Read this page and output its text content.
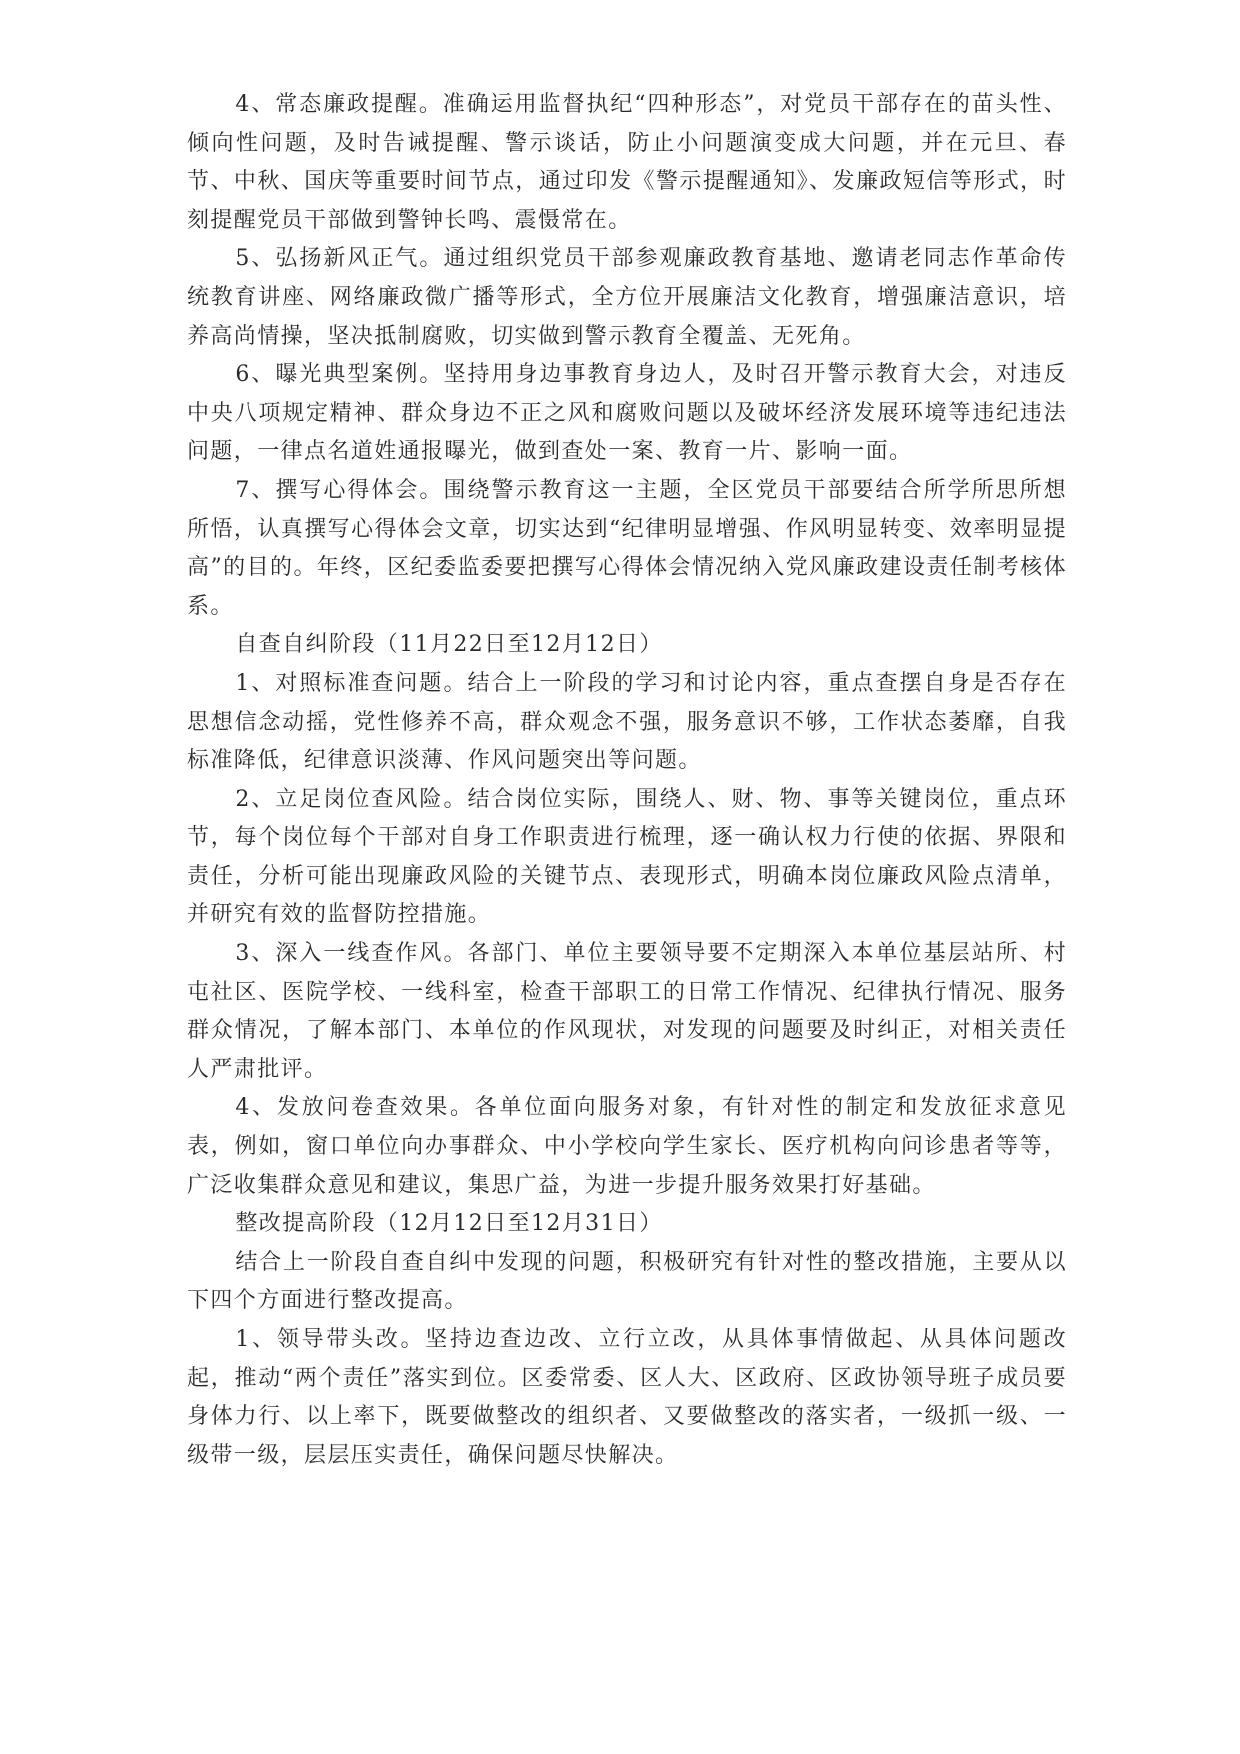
4、常态廉政提醒。准确运用监督执纪“四种形态”，对党员干部存在的苗头性、倾向性问题，及时告诫提醒、警示谈话，防止小问题演变成大问题，并在元旦、春节、中秋、国庆等重要时间节点，通过印发《警示提醒通知》、发廉政短信等形式，时刻提醒党员干部做到警钟长鸣、震慑常在。

5、弘扬新风正气。通过组织党员干部参观廉政教育基地、邀请老同志作革命传统教育讲座、网络廉政微广播等形式，全方位开展廉洁文化教育，增强廉洁意识，培养高尚情操，坚决抵制腐败，切实做到警示教育全覆盖、无死角。

6、曝光典型案例。坚持用身边事教育身边人，及时召开警示教育大会，对违反中央八项规定精神、群众身边不正之风和腐败问题以及破坏经济发展环境等违纪违法问题，一律点名道姓通报曝光，做到查处一案、教育一片、影响一面。

7、撰写心得体会。围绕警示教育这一主题，全区党员干部要结合所学所思所想所悟，认真撰写心得体会文章，切实达到“纪律明显增强、作风明显转变、效率明显提高”的目的。年终，区纪委监委要把撰写心得体会情况纳入党风廉政建设责任制考核体系。

自查自纠阶段（11月22日至12月12日）

1、对照标准查问题。结合上一阶段的学习和讨论内容，重点查摆自身是否存在思想信念动摇，党性修养不高，群众观念不强，服务意识不够，工作状态萎靡，自我标准降低，纪律意识淡薄、作风问题突出等问题。

2、立足岗位查风险。结合岗位实际，围绕人、财、物、事等关键岗位，重点环节，每个岗位每个干部对自身工作职责进行梳理，逐一确认权力行使的依据、界限和责任，分析可能出现廉政风险的关键节点、表现形式，明确本岗位廉政风险点清单，并研究有效的监督防控措施。

3、深入一线查作风。各部门、单位主要领导要不定期深入本单位基层站所、村屯社区、医院学校、一线科室，检查干部职工的日常工作情况、纪律执行情况、服务群众情况，了解本部门、本单位的作风现状，对发现的问题要及时纠正，对相关责任人严肃批评。

4、发放问卷查效果。各单位面向服务对象，有针对性的制定和发放征求意见表，例如，窗口单位向办事群众、中小学校向学生家长、医疗机构向问诊患者等等，广泛收集群众意见和建议，集思广益，为进一步提升服务效果打好基础。

整改提高阶段（12月12日至12月31日）

结合上一阶段自查自纠中发现的问题，积极研究有针对性的整改措施，主要从以下四个方面进行整改提高。

1、领导带头改。坚持边查边改、立行立改，从具体事情做起、从具体问题改起，推动“两个责任”落实到位。区委常委、区人大、区政府、区政协领导班子成员要身体力行、以上率下，既要做整改的组织者、又要做整改的落实者，一级抓一级、一级带一级，层层压实责任，确保问题尽快解决。
